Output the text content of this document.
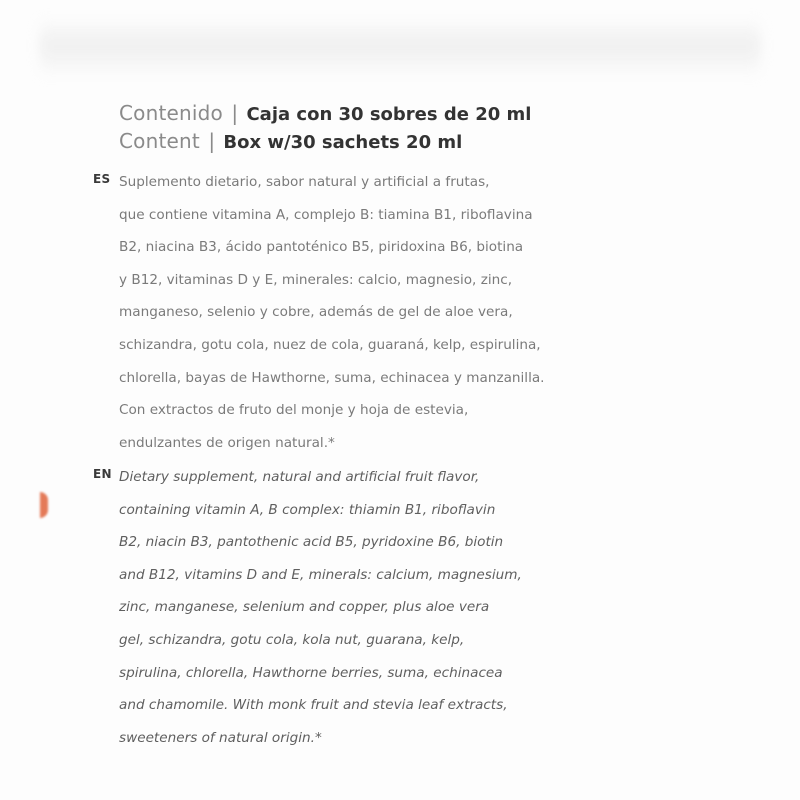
Contenido | Caja con 30 sobres de 20 ml
Content | Box w/30 sachets 20 ml
ES Suplemento dietario, sabor natural y artificial a frutas,
que contiene vitamina A, complejo B: tiamina B1, riboflavina
B2, niacina B3, ácido pantoténico B5, piridoxina B6, biotina
y B12, vitaminas D y E, minerales: calcio, magnesio, zinc,
manganeso, selenio y cobre, además de gel de aloe vera,
schizandra, gotu cola, nuez de cola, guaraná, kelp, espirulina,
chlorella, bayas de Hawthorne, suma, echinacea y manzanilla.
Con extractos de fruto del monje y hoja de estevia,
endulzantes de origen natural.*
EN Dietary supplement, natural and artificial fruit flavor,
containing vitamin A, B complex: thiamin B1, riboflavin
B2, niacin B3, pantothenic acid B5, pyridoxine B6, biotin
and B12, vitamins D and E, minerals: calcium, magnesium,
zinc, manganese, selenium and copper, plus aloe vera
gel, schizandra, gotu cola, kola nut, guarana, kelp,
spirulina, chlorella, Hawthorne berries, suma, echinacea
and chamomile. With monk fruit and stevia leaf extracts,
sweeteners of natural origin.*
